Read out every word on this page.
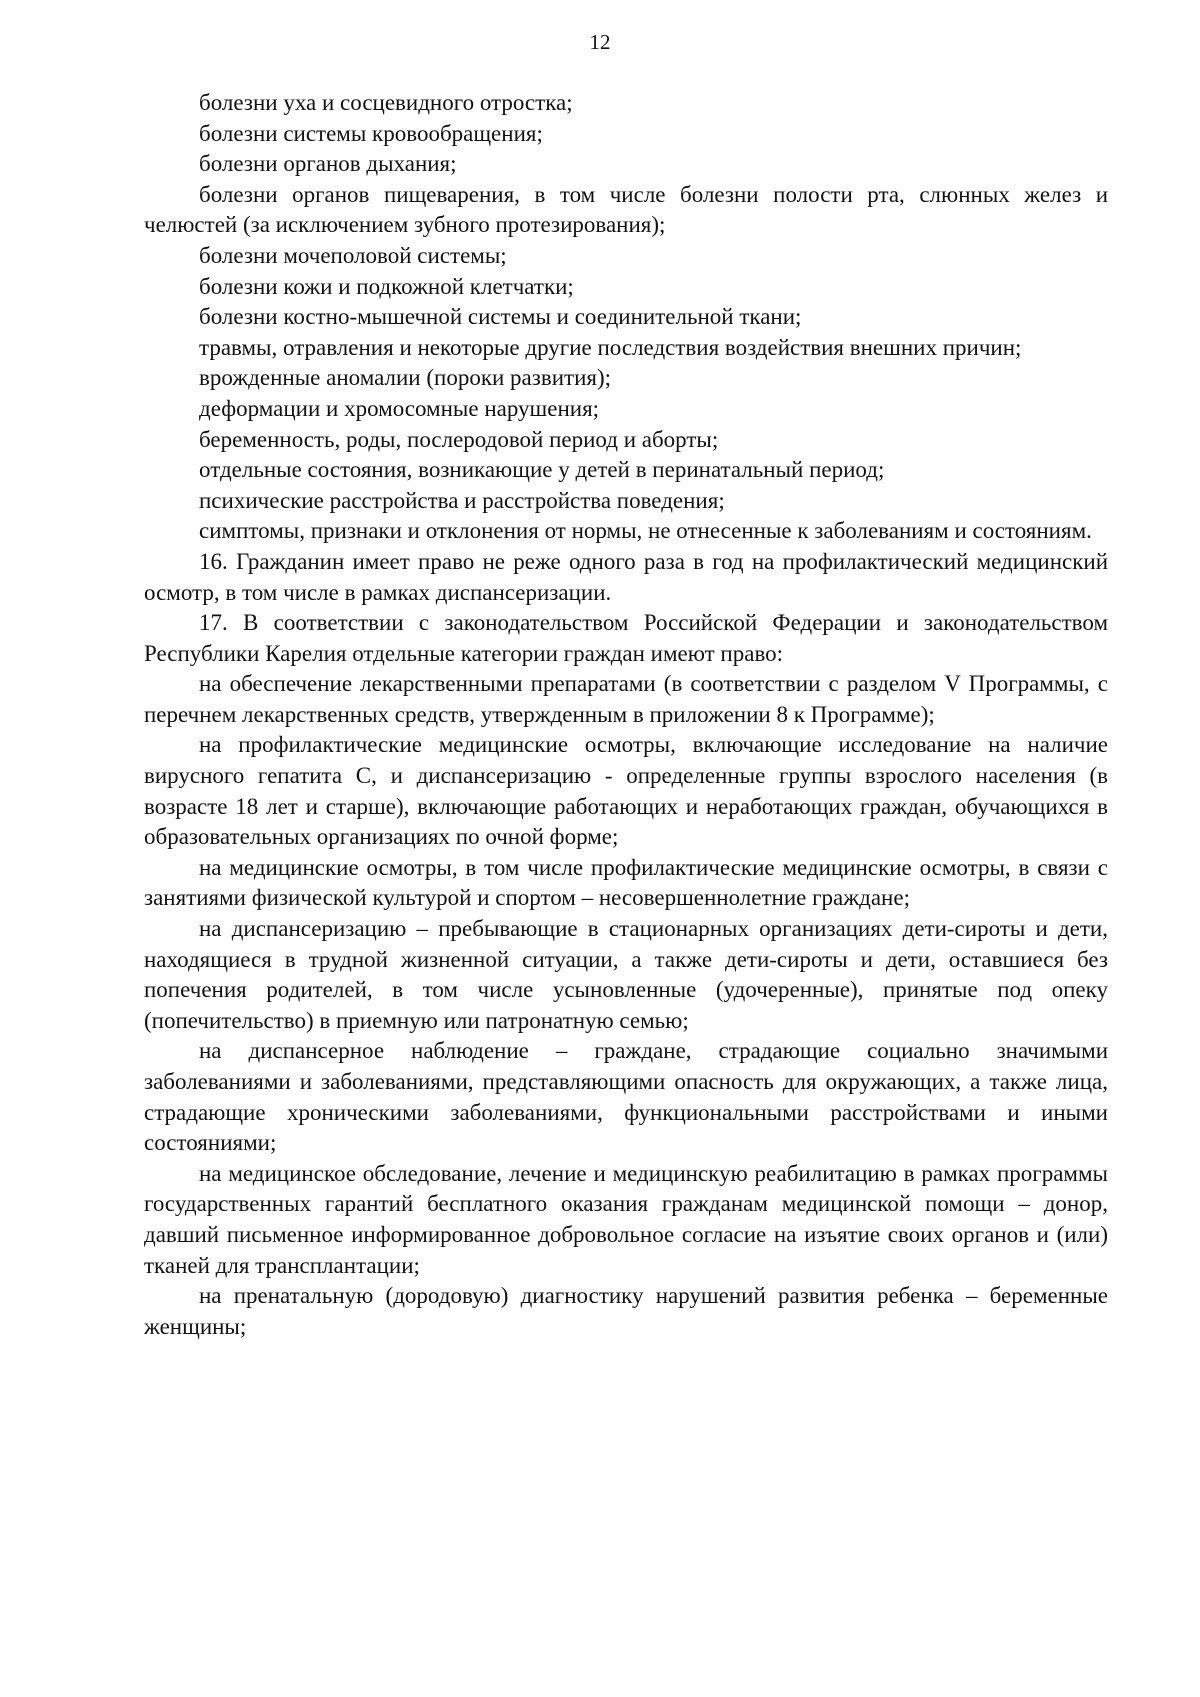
12

болезни уха и сосцевидного отростка;

болезни системы кровообращения;

болезни органов дыхания;

болезни органов пищеварения, в том числе болезни полости рта, слюнных желез и челюстей (за исключением зубного протезирования);

болезни мочеполовой системы;

болезни кожи и подкожной клетчатки;

болезни костно-мышечной системы и соединительной ткани;

травмы, отравления и некоторые другие последствия воздействия внешних причин;

врожденные аномалии (пороки развития);

деформации и хромосомные нарушения;

беременность, роды, послеродовой период и аборты;

отдельные состояния, возникающие у детей в перинатальный период;

психические расстройства и расстройства поведения;

симптомы, признаки и отклонения от нормы, не отнесенные к заболеваниям и состояниям.

16. Гражданин имеет право не реже одного раза в год на профилактический медицинский осмотр, в том числе в рамках диспансеризации.

17. В соответствии с законодательством Российской Федерации и законодательством Республики Карелия отдельные категории граждан имеют право:

на обеспечение лекарственными препаратами (в соответствии с разделом V Программы, с перечнем лекарственных средств, утвержденным в приложении 8 к Программе);

на профилактические медицинские осмотры, включающие исследование на наличие вирусного гепатита С, и диспансеризацию - определенные группы взрослого населения (в возрасте 18 лет и старше), включающие работающих и неработающих граждан, обучающихся в образовательных организациях по очной форме;

на медицинские осмотры, в том числе профилактические медицинские осмотры, в связи с занятиями физической культурой и спортом – несовершеннолетние граждане;

на диспансеризацию – пребывающие в стационарных организациях дети-сироты и дети, находящиеся в трудной жизненной ситуации, а также дети-сироты и дети, оставшиеся без попечения родителей, в том числе усыновленные (удочеренные), принятые под опеку (попечительство) в приемную или патронатную семью;

на диспансерное наблюдение – граждане, страдающие социально значимыми заболеваниями и заболеваниями, представляющими опасность для окружающих, а также лица, страдающие хроническими заболеваниями, функциональными расстройствами и иными состояниями;

на медицинское обследование, лечение и медицинскую реабилитацию в рамках программы государственных гарантий бесплатного оказания гражданам медицинской помощи – донор, давший письменное информированное добровольное согласие на изъятие своих органов и (или) тканей для трансплантации;

на пренатальную (дородовую) диагностику нарушений развития ребенка – беременные женщины;
